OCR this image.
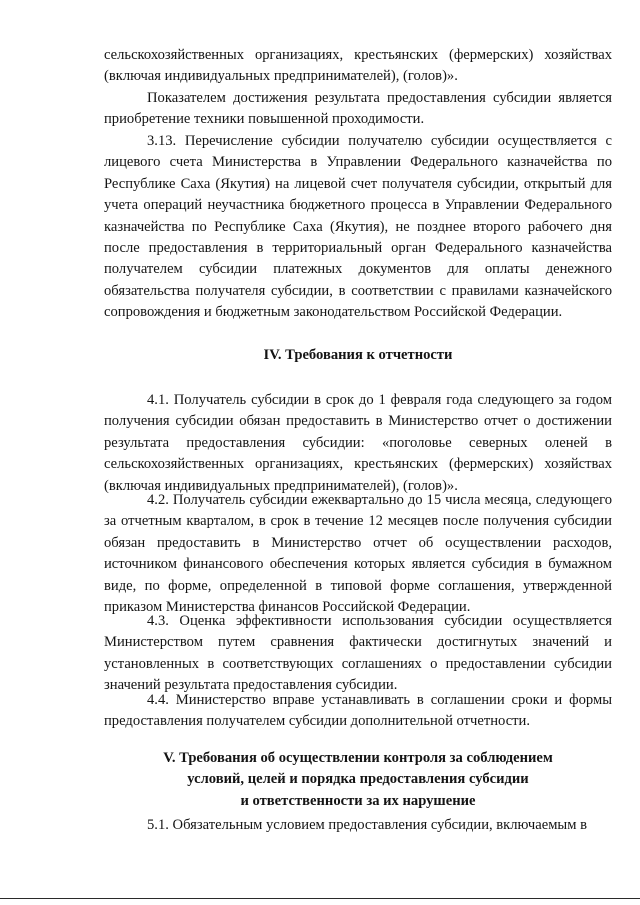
сельскохозяйственных организациях, крестьянских (фермерских) хозяйствах (включая индивидуальных предпринимателей), (голов)».

Показателем достижения результата предоставления субсидии является приобретение техники повышенной проходимости.

3.13. Перечисление субсидии получателю субсидии осуществляется с лицевого счета Министерства в Управлении Федерального казначейства по Республике Саха (Якутия) на лицевой счет получателя субсидии, открытый для учета операций неучастника бюджетного процесса в Управлении Федерального казначейства по Республике Саха (Якутия), не позднее второго рабочего дня после предоставления в территориальный орган Федерального казначейства получателем субсидии платежных документов для оплаты денежного обязательства получателя субсидии, в соответствии с правилами казначейского сопровождения и бюджетным законодательством Российской Федерации.

IV. Требования к отчетности

4.1. Получатель субсидии в срок до 1 февраля года следующего за годом получения субсидии обязан предоставить в Министерство отчет о достижении результата предоставления субсидии: «поголовье северных оленей в сельскохозяйственных организациях, крестьянских (фермерских) хозяйствах (включая индивидуальных предпринимателей), (голов)».

4.2. Получатель субсидии ежеквартально до 15 числа месяца, следующего за отчетным кварталом, в срок в течение 12 месяцев после получения субсидии обязан предоставить в Министерство отчет об осуществлении расходов, источником финансового обеспечения которых является субсидия в бумажном виде, по форме, определенной в типовой форме соглашения, утвержденной приказом Министерства финансов Российской Федерации.

4.3. Оценка эффективности использования субсидии осуществляется Министерством путем сравнения фактически достигнутых значений и установленных в соответствующих соглашениях о предоставлении субсидии значений результата предоставления субсидии.

4.4. Министерство вправе устанавливать в соглашении сроки и формы предоставления получателем субсидии дополнительной отчетности.

V. Требования об осуществлении контроля за соблюдением
условий, целей и порядка предоставления субсидии
и ответственности за их нарушение

5.1. Обязательным условием предоставления субсидии, включаемым в
